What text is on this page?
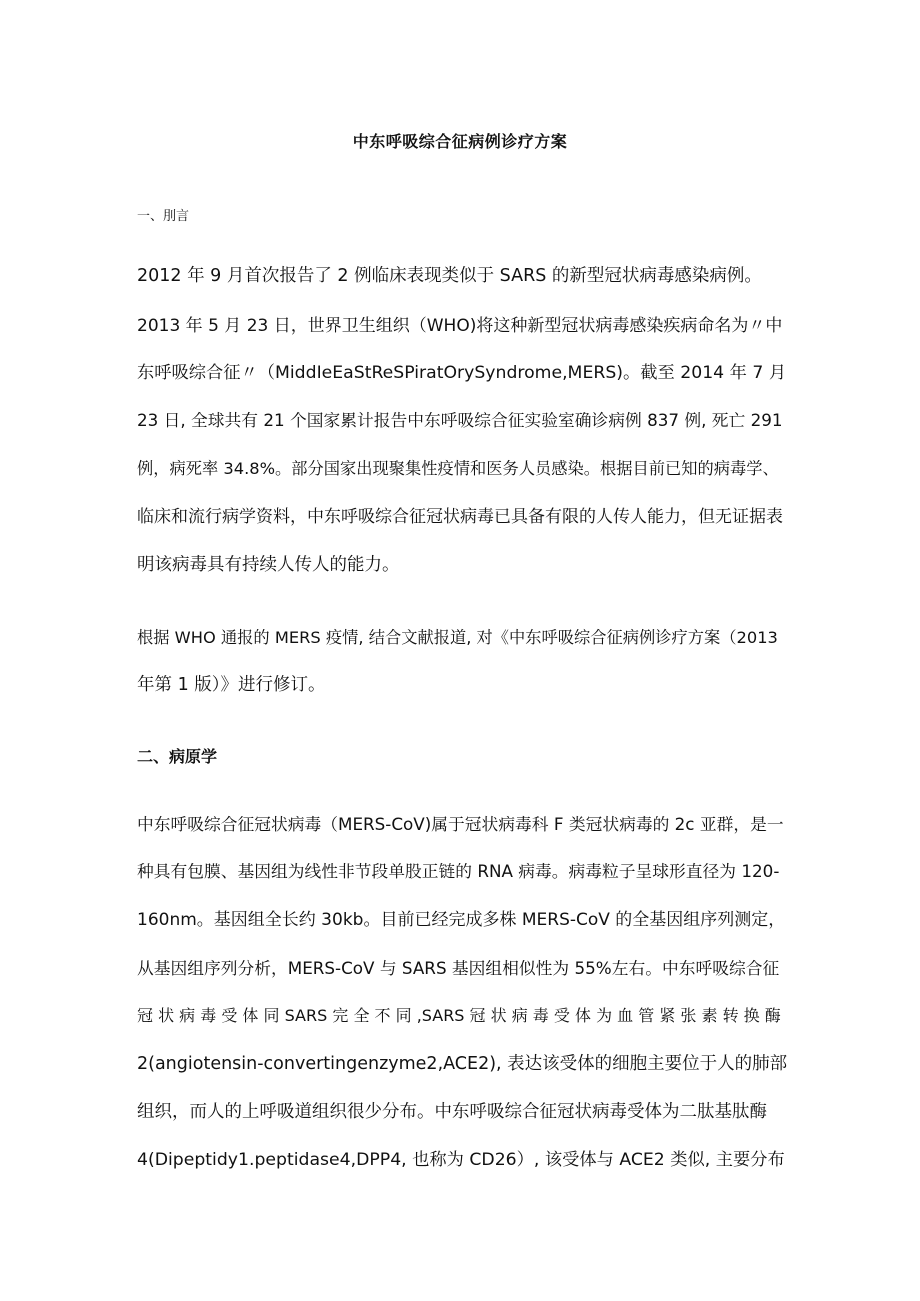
中东呼吸综合征病例诊疗方案
一、刖言
2012 年 9 月首次报告了 2 例临床表现类似于 SARS 的新型冠状病毒感染病例。
2013 年 5 月 23 日，世界卫生组织（WHO)将这种新型冠状病毒感染疾病命名为〃中
东呼吸综合征〃（MiddIeEaStReSPiratOrySyndrome,MERS)。截至 2014 年 7 月
23 日, 全球共有 21 个国家累计报告中东呼吸综合征实验室确诊病例 837 例, 死亡 291
例，病死率 34.8%。部分国家出现聚集性疫情和医务人员感染。根据目前已知的病毒学、
临床和流行病学资料，中东呼吸综合征冠状病毒已具备有限的人传人能力，但无证据表
明该病毒具有持续人传人的能力。
根据 WHO 通报的 MERS 疫情, 结合文献报道, 对《中东呼吸综合征病例诊疗方案（2013
年第 1 版）》进行修订。
二、病原学
中东呼吸综合征冠状病毒（MERS-CoV)属于冠状病毒科 F 类冠状病毒的 2c 亚群，是一
种具有包膜、基因组为线性非节段单股正链的 RNA 病毒。病毒粒子呈球形直径为 120-
160nm。基因组全长约 30kb。目前已经完成多株 MERS-CoV 的全基因组序列测定，
从基因组序列分析，MERS-CoV 与 SARS 基因组相似性为 55%左右。中东呼吸综合征
冠 状 病 毒 受 体 同 SARS 完 全 不 同 ,SARS 冠 状 病 毒 受 体 为 血 管 紧 张 素 转 换 酶
2(angiotensin-convertingenzyme2,ACE2), 表达该受体的细胞主要位于人的肺部
组织，而人的上呼吸道组织很少分布。中东呼吸综合征冠状病毒受体为二肽基肽酶
4(Dipeptidy1.peptidase4,DPP4, 也称为 CD26）, 该受体与 ACE2 类似, 主要分布
